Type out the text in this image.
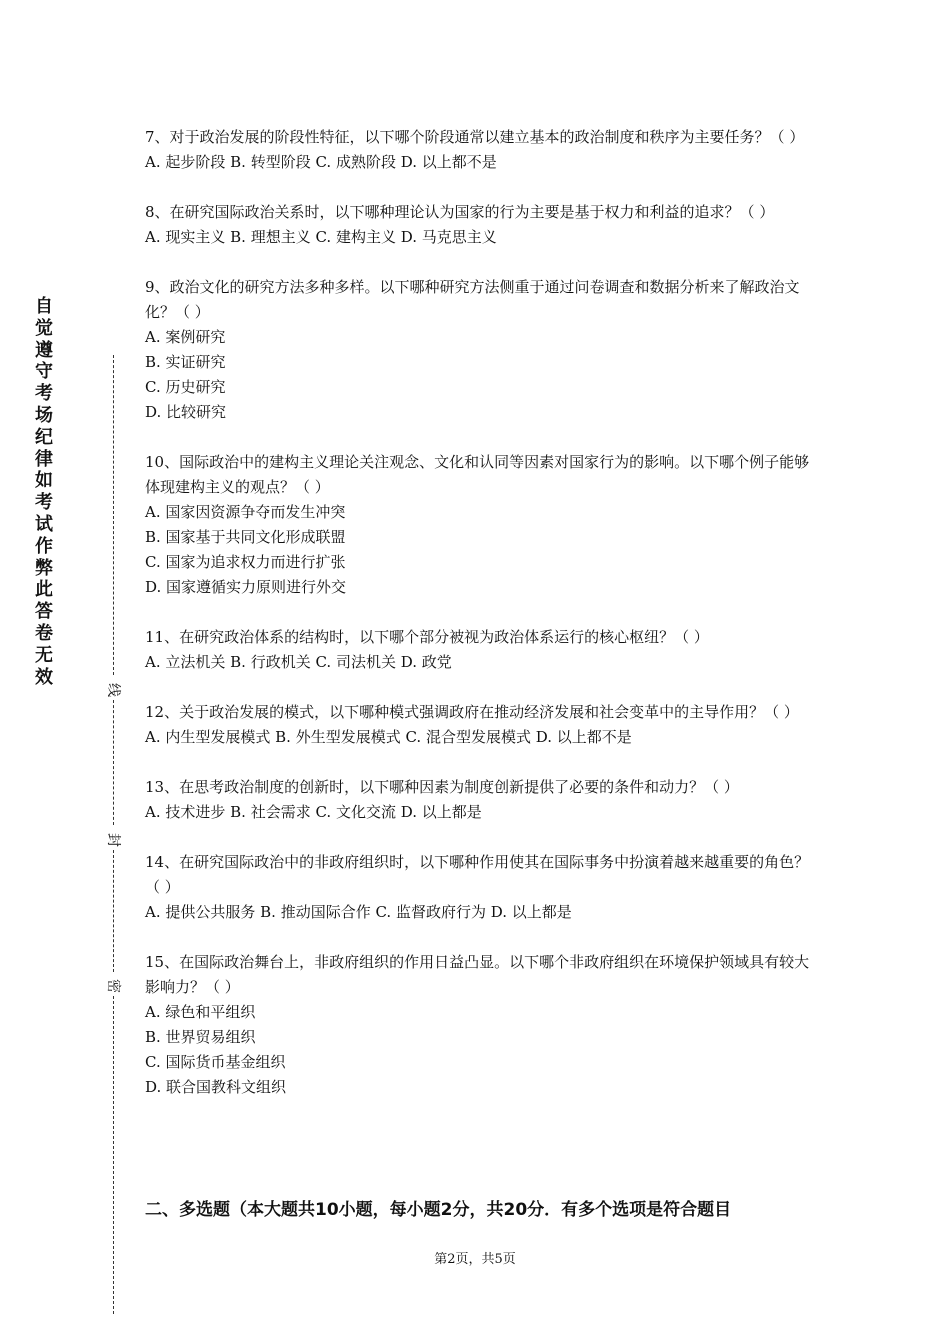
自觉遵守考场纪律如考试作弊此答卷无效
线
封
密

7、对于政治发展的阶段性特征，以下哪个阶段通常以建立基本的政治制度和秩序为主要任务？（ ）

A. 起步阶段 B. 转型阶段 C. 成熟阶段 D. 以上都不是

8、在研究国际政治关系时，以下哪种理论认为国家的行为主要是基于权力和利益的追求？（ ）

A. 现实主义 B. 理想主义 C. 建构主义 D. 马克思主义

9、政治文化的研究方法多种多样。以下哪种研究方法侧重于通过问卷调查和数据分析来了解政治文化？（ ）

A. 案例研究

B. 实证研究

C. 历史研究

D. 比较研究

10、国际政治中的建构主义理论关注观念、文化和认同等因素对国家行为的影响。以下哪个例子能够体现建构主义的观点？（ ）

A. 国家因资源争夺而发生冲突

B. 国家基于共同文化形成联盟

C. 国家为追求权力而进行扩张

D. 国家遵循实力原则进行外交

11、在研究政治体系的结构时，以下哪个部分被视为政治体系运行的核心枢纽？（ ）

A. 立法机关 B. 行政机关 C. 司法机关 D. 政党

12、关于政治发展的模式，以下哪种模式强调政府在推动经济发展和社会变革中的主导作用？（ ）

A. 内生型发展模式 B. 外生型发展模式 C. 混合型发展模式 D. 以上都不是

13、在思考政治制度的创新时，以下哪种因素为制度创新提供了必要的条件和动力？（ ）

A. 技术进步 B. 社会需求 C. 文化交流 D. 以上都是

14、在研究国际政治中的非政府组织时，以下哪种作用使其在国际事务中扮演着越来越重要的角色？（ ）

A. 提供公共服务 B. 推动国际合作 C. 监督政府行为 D. 以上都是

15、在国际政治舞台上，非政府组织的作用日益凸显。以下哪个非政府组织在环境保护领域具有较大影响力？（ ）

A. 绿色和平组织

B. 世界贸易组织

C. 国际货币基金组织

D. 联合国教科文组织

二、多选题（本大题共10小题，每小题2分，共20分．有多个选项是符合题目
第2页，共5页
